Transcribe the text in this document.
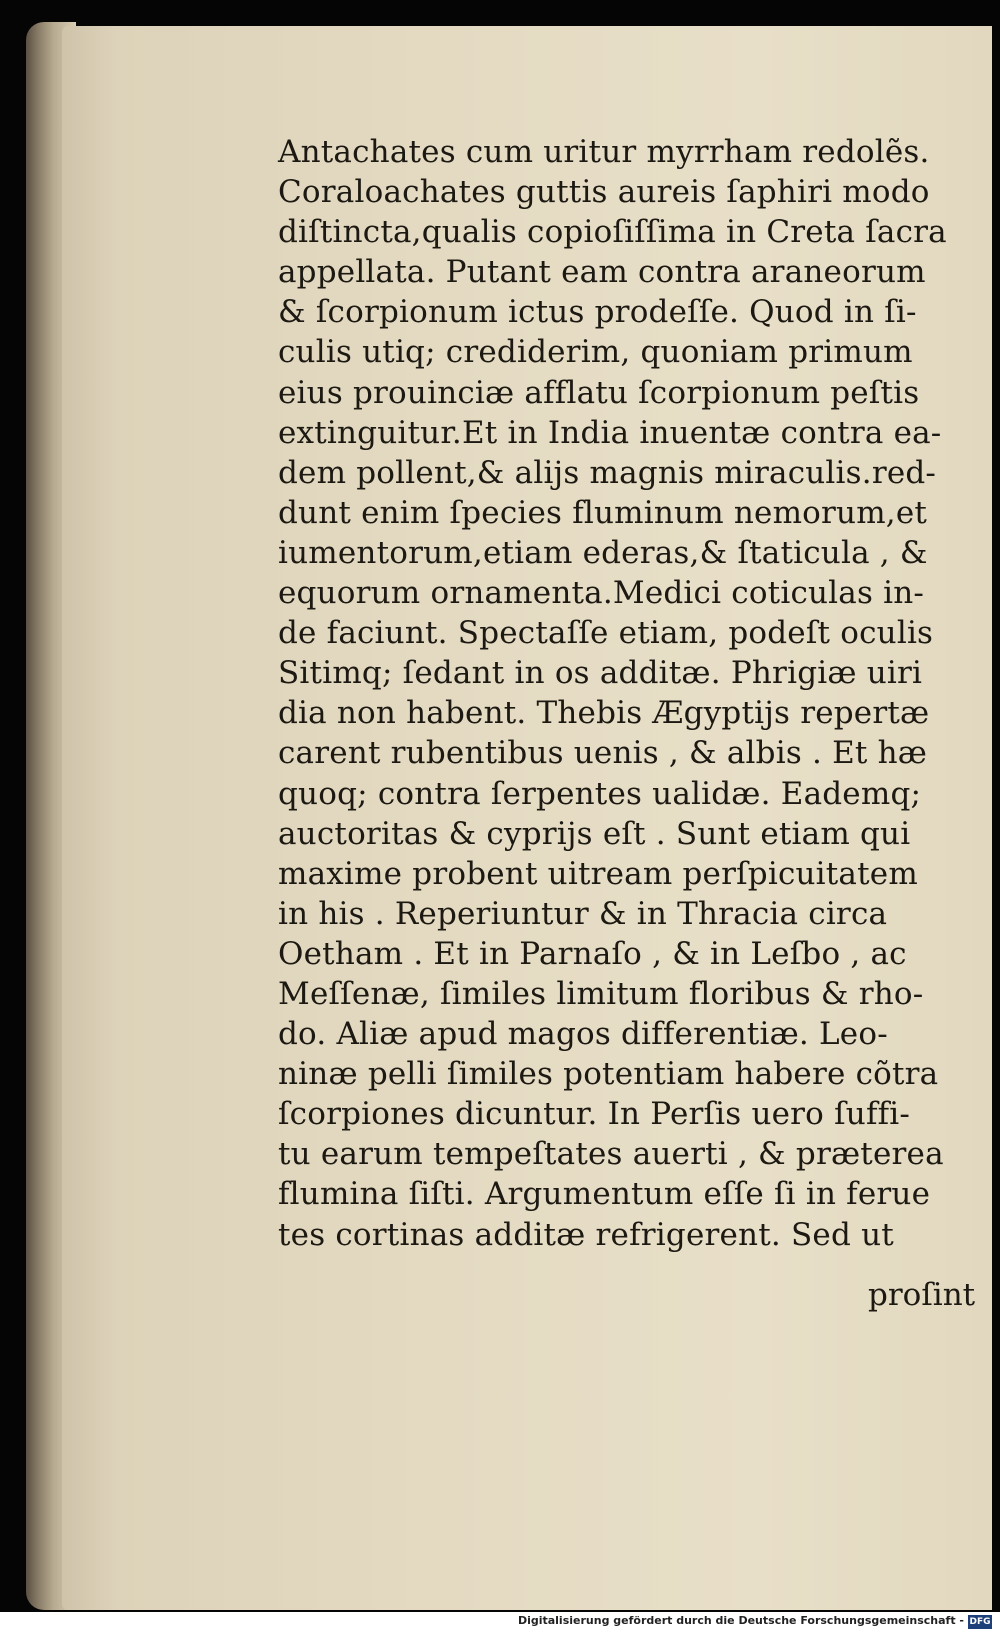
Antachates cum uritur myrrham redolẽs.
Coraloachates guttis aureis ſaphiri modo
diſtincta,qualis copioſiſſima in Creta ſacra
appellata. Putant eam contra araneorum
& ſcorpionum ictus prodeſſe. Quod in ſi-
culis utiq; crediderim, quoniam primum
eius prouinciæ afflatu ſcorpionum peſtis
extinguitur.Et in India inuentæ contra ea-
dem pollent,& alijs magnis miraculis.red-
dunt enim ſpecies fluminum nemorum,et
iumentorum,etiam ederas,& ſtaticula , &
equorum ornamenta.Medici coticulas in-
de faciunt. Spectaſſe etiam, podeſt oculis
Sitimq; ſedant in os additæ. Phrigiæ uiri
dia non habent. Thebis Ægyptijs repertæ
carent rubentibus uenis , & albis . Et hæ
quoq; contra ſerpentes ualidæ. Eademq;
auctoritas & cyprijs eſt . Sunt etiam qui
maxime probent uitream perſpicuitatem
in his . Reperiuntur & in Thracia circa
Oetham . Et in Parnaſo , & in Leſbo , ac
Meſſenæ, ſimiles limitum floribus & rho-
do. Aliæ apud magos differentiæ. Leo-
ninæ pelli ſimiles potentiam habere cõtra
ſcorpiones dicuntur. In Perſis uero ſuffi-
tu earum tempeſtates auerti , & præterea
flumina ſiſti. Argumentum eſſe ſi in ferue
tes cortinas additæ refrigerent. Sed ut
proſint
Digitalisierung gefördert durch die Deutsche Forschungsgemeinschaft - DFG
